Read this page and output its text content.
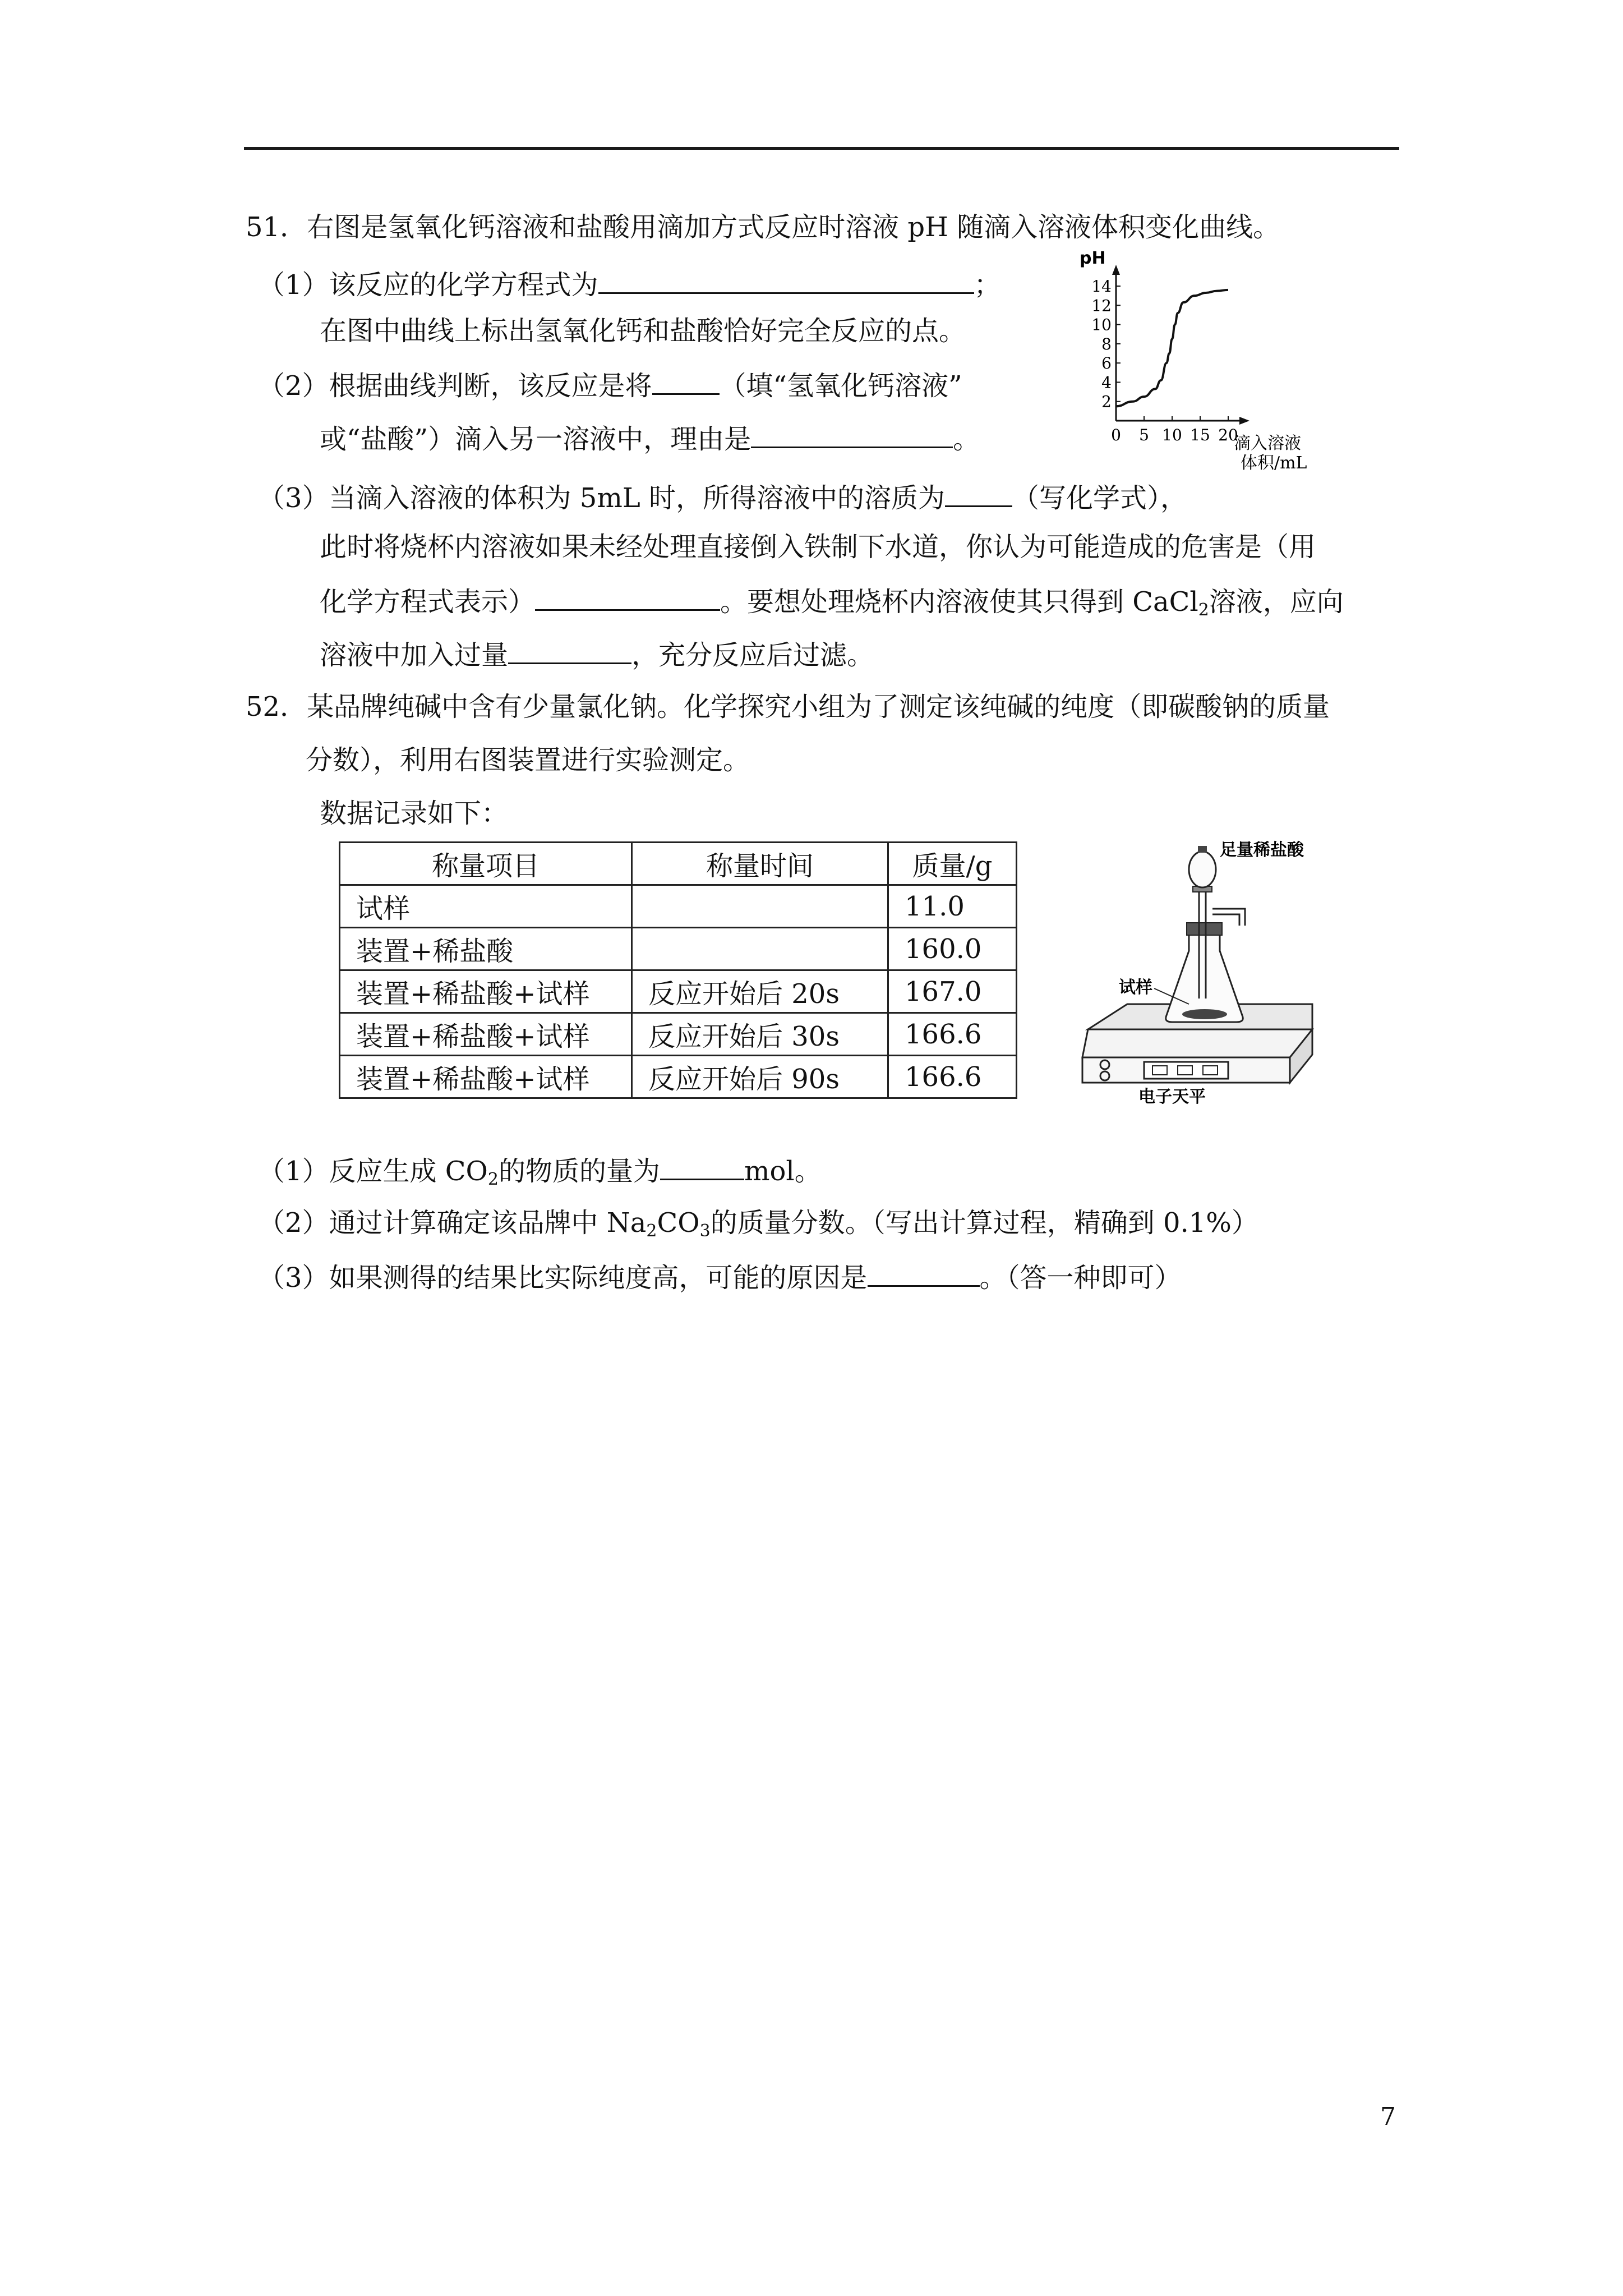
51．右图是氢氧化钙溶液和盐酸用滴加方式反应时溶液 pH 随滴入溶液体积变化曲线。
（1）该反应的化学方程式为	；
在图中曲线上标出氢氧化钙和盐酸恰好完全反应的点。
（2）根据曲线判断，该反应是将	（填“氢氧化钙溶液”
或“盐酸”）滴入另一溶液中，理由是	。
（3）当滴入溶液的体积为 5mL 时，所得溶液中的溶质为	（写化学式），
此时将烧杯内溶液如果未经处理直接倒入铁制下水道，你认为可能造成的危害是（用
化学方程式表示）	。要想处理烧杯内溶液使其只得到 CaCl$_2$溶液，应向
溶液中加入过量	，充分反应后过滤。
14
12
10
8
6
4
2
0 5 10 15 20
pH
滴入溶液
体积/mL
52．某品牌纯碱中含有少量氯化钠。化学探究小组为了测定该纯碱的纯度（即碳酸钠的质量
分数），利用右图装置进行实验测定。
数据记录如下：
称量项目	称量时间	质量/g
试样		11.0
装置+稀盐酸		160.0
装置+稀盐酸+试样	反应开始后 20s	167.0
装置+稀盐酸+试样	反应开始后 30s	166.6
装置+稀盐酸+试样	反应开始后 90s	166.6
足量稀盐酸
试样
电子天平
（1）反应生成 $CO_2$的物质的量为	mol。
（2）通过计算确定该品牌中 $Na_2CO_3$的质量分数。（写出计算过程，精确到 0.1%）
（3）如果测得的结果比实际纯度高，可能的原因是	。（答一种即可）
7
